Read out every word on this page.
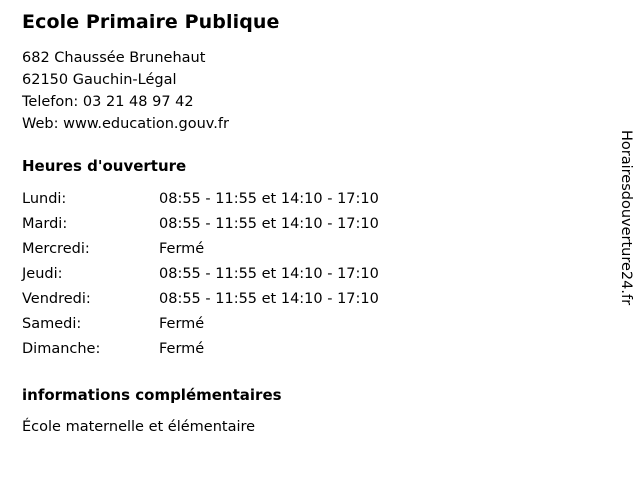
Ecole Primaire Publique

682 Chaussée Brunehaut

62150 Gauchin-Légal

Telefon: 03 21 48 97 42

Web: www.education.gouv.fr

Heures d'ouverture
Lundi:	08:55 - 11:55 et 14:10 - 17:10
Mardi:	08:55 - 11:55 et 14:10 - 17:10
Mercredi:	Fermé
Jeudi:	08:55 - 11:55 et 14:10 - 17:10
Vendredi:	08:55 - 11:55 et 14:10 - 17:10
Samedi:	Fermé
Dimanche:	Fermé
informations complémentaires

École maternelle et élémentaire

Horairesdouverture24.fr
